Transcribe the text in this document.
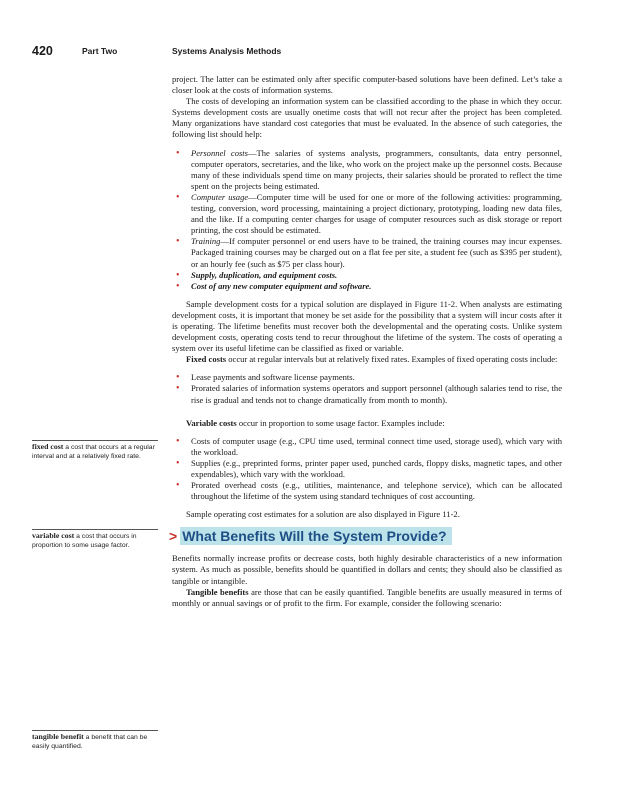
420	Part Two	Systems Analysis Methods
fixed cost a cost that occurs at a regular interval and at a relatively fixed rate.
variable cost a cost that occurs in proportion to some usage factor.
tangible benefit a benefit that can be easily quantified.

project. The latter can be estimated only after specific computer-based solutions have been defined. Let’s take a closer look at the costs of information systems.

The costs of developing an information system can be classified according to the phase in which they occur. Systems development costs are usually onetime costs that will not recur after the project has been completed. Many organizations have standard cost categories that must be evaluated. In the absence of such categories, the following list should help:

• Personnel costs—The salaries of systems analysts, programmers, consultants, data entry personnel, computer operators, secretaries, and the like, who work on the project make up the personnel costs. Because many of these individuals spend time on many projects, their salaries should be prorated to reflect the time spent on the projects being estimated.
• Computer usage—Computer time will be used for one or more of the following activities: programming, testing, conversion, word processing, maintaining a project dictionary, prototyping, loading new data files, and the like. If a computing center charges for usage of computer resources such as disk storage or report printing, the cost should be estimated.
• Training—If computer personnel or end users have to be trained, the training courses may incur expenses. Packaged training courses may be charged out on a flat fee per site, a student fee (such as $395 per student), or an hourly fee (such as $75 per class hour).
• Supply, duplication, and equipment costs.
• Cost of any new computer equipment and software.

Sample development costs for a typical solution are displayed in Figure 11-2. When analysts are estimating development costs, it is important that money be set aside for the possibility that a system will incur costs after it is operating. The lifetime benefits must recover both the developmental and the operating costs. Unlike system development costs, operating costs tend to recur throughout the lifetime of the system. The costs of operating a system over its useful lifetime can be classified as fixed or variable.

Fixed costs occur at regular intervals but at relatively fixed rates. Examples of fixed operating costs include:

• Lease payments and software license payments.
• Prorated salaries of information systems operators and support personnel (although salaries tend to rise, the rise is gradual and tends not to change dramatically from month to month).

Variable costs occur in proportion to some usage factor. Examples include:

• Costs of computer usage (e.g., CPU time used, terminal connect time used, storage used), which vary with the workload.
• Supplies (e.g., preprinted forms, printer paper used, punched cards, floppy disks, magnetic tapes, and other expendables), which vary with the workload.
• Prorated overhead costs (e.g., utilities, maintenance, and telephone service), which can be allocated throughout the lifetime of the system using standard techniques of cost accounting.

Sample operating cost estimates for a solution are also displayed in Figure 11-2.

> What Benefits Will the System Provide?

Benefits normally increase profits or decrease costs, both highly desirable characteristics of a new information system. As much as possible, benefits should be quantified in dollars and cents; they should also be classified as tangible or intangible.

Tangible benefits are those that can be easily quantified. Tangible benefits are usually measured in terms of monthly or annual savings or of profit to the firm. For example, consider the following scenario:
